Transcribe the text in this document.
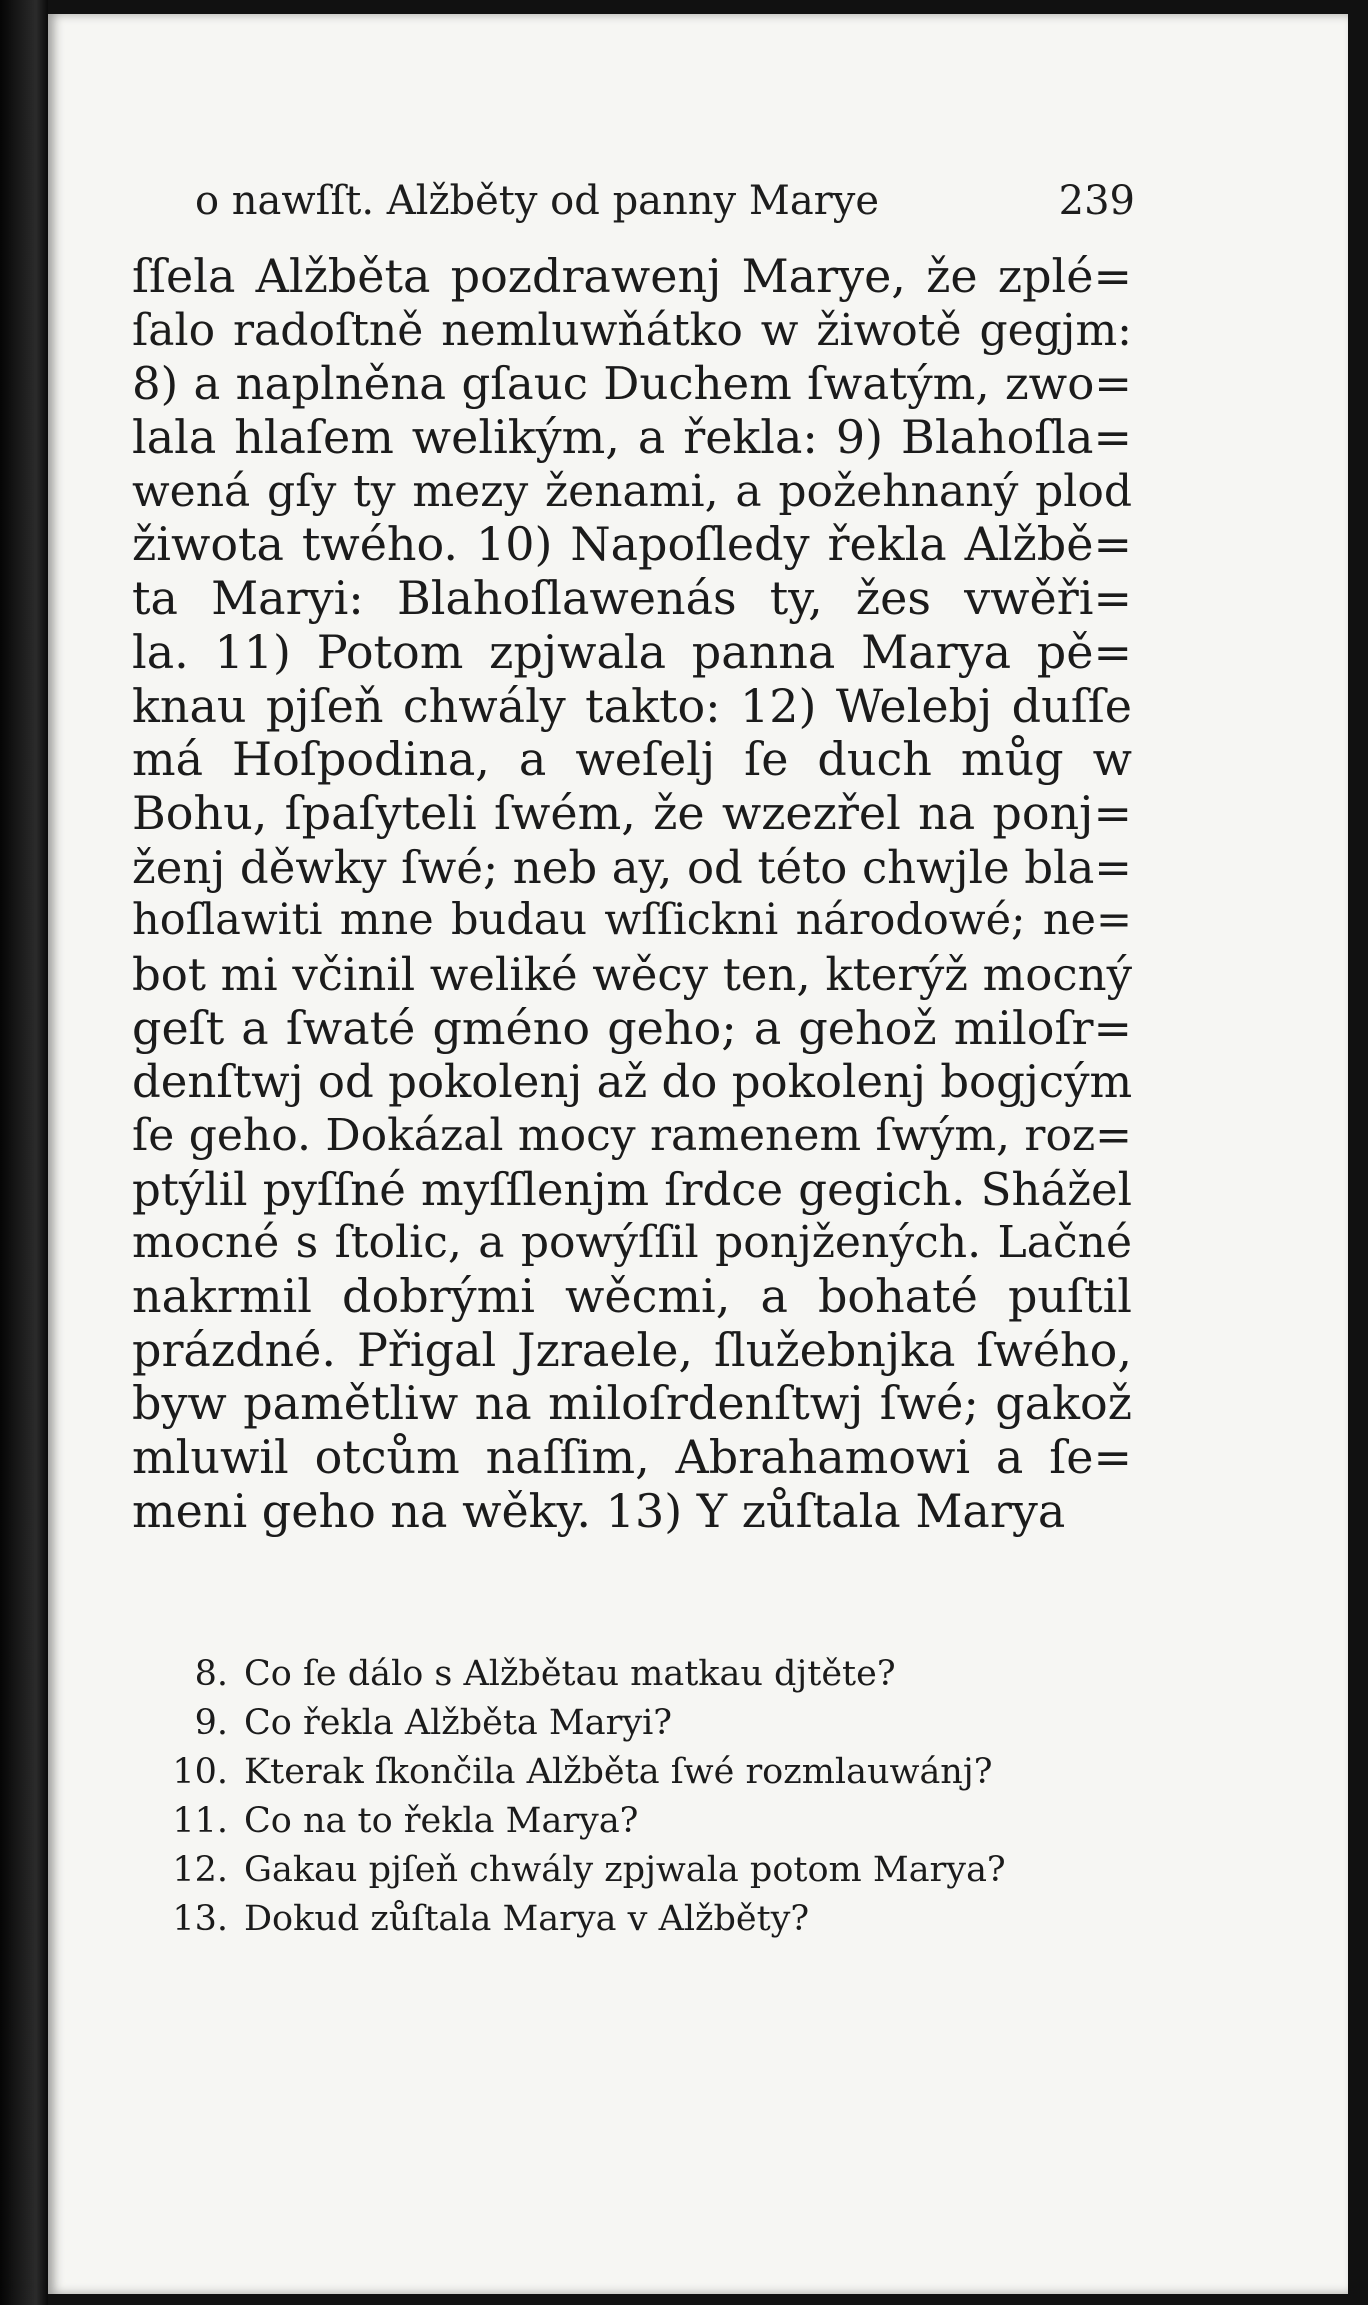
o nawſſt. Alžběty od panny Marye	239
ſſela Alžběta pozdrawenj Marye, že zplé=
ſalo radoſtně nemluwňátko w žiwotě gegjm:
8) a naplněna gſauc Duchem ſwatým, zwo=
lala hlaſem welikým, a řekla: 9) Blahoſla=
wená gſy ty mezy ženami, a požehnaný plod
žiwota twého. 10) Napoſledy řekla Alžbě=
ta Maryi: Blahoſlawenás ty, žes vwěři=
la. 11) Potom zpjwala panna Marya pě=
knau pjſeň chwály takto: 12) Welebj duſſe
má Hoſpodina, a weſelj ſe duch můg w
Bohu, ſpaſyteli ſwém, že wzezřel na ponj=
ženj děwky ſwé; neb ay, od této chwjle bla=
hoſlawiti mne budau wſſickni národowé; ne=
bot mi včinil weliké wěcy ten, kterýž mocný
geſt a ſwaté gméno geho; a gehož miloſr=
denſtwj od pokolenj až do pokolenj bogjcým
ſe geho. Dokázal mocy ramenem ſwým, roz=
ptýlil pyſſné myſſlenjm ſrdce gegich. Shážel
mocné s ſtolic, a powýſſil ponjžených. Lačné
nakrmil dobrými wěcmi, a bohaté puſtil
prázdné. Přigal Jzraele, ſlužebnjka ſwého,
byw pamětliw na miloſrdenſtwj ſwé; gakož
mluwil otcům naſſim, Abrahamowi a ſe=
meni geho na wěky. 13) Y zůſtala Marya
8. Co ſe dálo s Alžbětau matkau djtěte?
9. Co řekla Alžběta Maryi?
10. Kterak ſkončila Alžběta ſwé rozmlauwánj?
11. Co na to řekla Marya?
12. Gakau pjſeň chwály zpjwala potom Marya?
13. Dokud zůſtala Marya v Alžběty?
